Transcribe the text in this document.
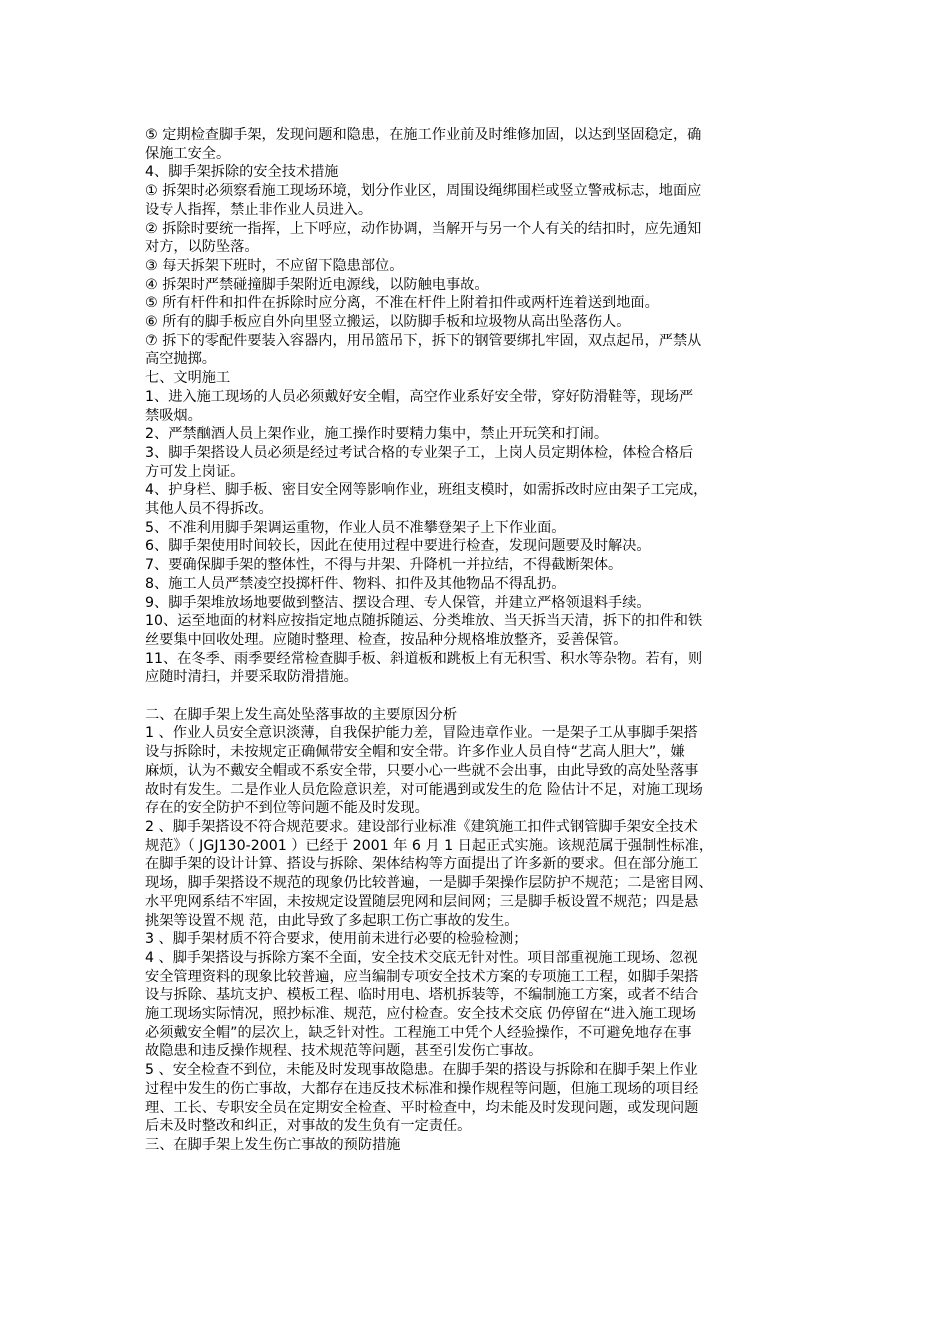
⑤ 定期检查脚手架，发现问题和隐患，在施工作业前及时维修加固，以达到坚固稳定，确

保施工安全。

4、脚手架拆除的安全技术措施

① 拆架时必须察看施工现场环境，划分作业区，周围设绳绑围栏或竖立警戒标志，地面应

设专人指挥，禁止非作业人员进入。

② 拆除时要统一指挥，上下呼应，动作协调，当解开与另一个人有关的结扣时，应先通知

对方，以防坠落。

③ 每天拆架下班时，不应留下隐患部位。

④ 拆架时严禁碰撞脚手架附近电源线，以防触电事故。

⑤ 所有杆件和扣件在拆除时应分离，不准在杆件上附着扣件或两杆连着送到地面。

⑥ 所有的脚手板应自外向里竖立搬运，以防脚手板和垃圾物从高出坠落伤人。

⑦ 拆下的零配件要装入容器内，用吊篮吊下，拆下的钢管要绑扎牢固，双点起吊，严禁从

高空抛掷。

七、文明施工

1、进入施工现场的人员必须戴好安全帽，高空作业系好安全带，穿好防滑鞋等，现场严

禁吸烟。

2、严禁酗酒人员上架作业，施工操作时要精力集中，禁止开玩笑和打闹。

3、脚手架搭设人员必须是经过考试合格的专业架子工，上岗人员定期体检，体检合格后

方可发上岗证。

4、护身栏、脚手板、密目安全网等影响作业，班组支模时，如需拆改时应由架子工完成，

其他人员不得拆改。

5、不准利用脚手架调运重物，作业人员不准攀登架子上下作业面。

6、脚手架使用时间较长，因此在使用过程中要进行检查，发现问题要及时解决。

7、要确保脚手架的整体性，不得与井架、升降机一并拉结，不得截断架体。

8、施工人员严禁凌空投掷杆件、物料、扣件及其他物品不得乱扔。

9、脚手架堆放场地要做到整洁、摆设合理、专人保管，并建立严格领退料手续。

10、运至地面的材料应按指定地点随拆随运、分类堆放、当天拆当天清，拆下的扣件和铁

丝要集中回收处理。应随时整理、检查，按品种分规格堆放整齐，妥善保管。

11、在冬季、雨季要经常检查脚手板、斜道板和跳板上有无积雪、积水等杂物。若有，则

应随时清扫，并要采取防滑措施。

二、在脚手架上发生高处坠落事故的主要原因分析

1 、作业人员安全意识淡薄，自我保护能力差，冒险违章作业。一是架子工从事脚手架搭

设与拆除时，未按规定正确佩带安全帽和安全带。许多作业人员自恃“艺高人胆大”，嫌

麻烦，认为不戴安全帽或不系安全带，只要小心一些就不会出事，由此导致的高处坠落事

故时有发生。二是作业人员危险意识差，对可能遇到或发生的危 险估计不足，对施工现场

存在的安全防护不到位等问题不能及时发现。

2 、脚手架搭设不符合规范要求。建设部行业标准《建筑施工扣件式钢管脚手架安全技术

规范》（ JGJ130-2001 ）已经于 2001 年 6 月 1 日起正式实施。该规范属于强制性标准，

在脚手架的设计计算、搭设与拆除、架体结构等方面提出了许多新的要求。但在部分施工

现场，脚手架搭设不规范的现象仍比较普遍，一是脚手架操作层防护不规范；二是密目网、

水平兜网系结不牢固，未按规定设置随层兜网和层间网；三是脚手板设置不规范；四是悬

挑架等设置不规 范，由此导致了多起职工伤亡事故的发生。

3 、脚手架材质不符合要求，使用前未进行必要的检验检测；

4 、脚手架搭设与拆除方案不全面，安全技术交底无针对性。项目部重视施工现场、忽视

安全管理资料的现象比较普遍，应当编制专项安全技术方案的专项施工工程，如脚手架搭

设与拆除、基坑支护、模板工程、临时用电、塔机拆装等，不编制施工方案，或者不结合

施工现场实际情况，照抄标准、规范，应付检查。安全技术交底 仍停留在“进入施工现场

必须戴安全帽”的层次上，缺乏针对性。工程施工中凭个人经验操作，不可避免地存在事

故隐患和违反操作规程、技术规范等问题，甚至引发伤亡事故。

5 、安全检查不到位，未能及时发现事故隐患。在脚手架的搭设与拆除和在脚手架上作业

过程中发生的伤亡事故，大都存在违反技术标准和操作规程等问题，但施工现场的项目经

理、工长、专职安全员在定期安全检查、平时检查中，均未能及时发现问题，或发现问题

后未及时整改和纠正，对事故的发生负有一定责任。

三、在脚手架上发生伤亡事故的预防措施
